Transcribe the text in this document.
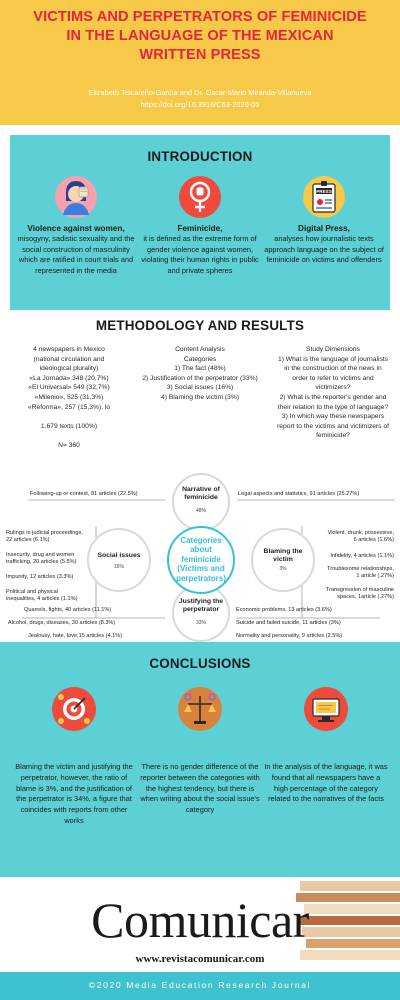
VICTIMS AND PERPETRATORS OF FEMINICIDE
IN THE LANGUAGE OF THE MEXICAN
WRITTEN PRESS
Elizabeth Tiscareño-García and Dr. Oscar-Mario Miranda-Villanueva
https://doi.org/10.3916/C63-2020-05
INTRODUCTION
Violence against women,
misogyny, sadistic sexuality and the social construction of masculinity which are ratified in court trials and represented in the media
Feminicide,
it is defined as the extreme form of gender violence against women, violating their human rights in public and private spheres
PRESS
Digital Press,
analyses how journalistic texts approach language on the subject of feminicide on victims and offenders
METHODOLOGY AND RESULTS
4 newspapers in Mexico
(national circulation and
ideological plurality)
«La Jornada» 348 (20,7%)
«El Universal» 549 (32,7%)
«Milenio», 525 (31,3%)
«Reforma», 257 (15,3%), lo
1.679 texts (100%)
N= 360
Content Analysis
Categories
1) The fact (48%)
2) Justification of the perpetrator (33%)
3) Social issues (16%)
4) Blaming the victim (3%)
Study Dimensions
1) What is the language of journalists
in the construction of the news in
order to refer to victims and
victimizers?
2) What is the reporter's gender and
their relation to the type of language?
3) In which way these newspapers
report to the victims and victimizers of
feminicide?
Categories
about
feminicide
(Victims and
perpetrators)
Narrative of
feminicide
48%
Social issues
16%
Blaming the
victim
3%
Justifying the
perpetrator
33%
Following-up or context, 81 articles (22.5%)	Legal aspects and statistics, 91 articles (25.27%)
Rulings in judicial proceedings,
22 articles (6.1%)
Insecurity, drug and women
trafficking, 20 articles (5.5%)
Impunity, 12 articles (3.3%)
Political and physical
inequalities, 4 articles (1.1%)
Violent, drunk, possessive,
6 articles (1.6%)
Infidelity, 4 articles (1.1%)
Troublesome relationships,
1 article (.27%)
Transgression of masculine
spaces, 1article (.27%)
Quarrels, fights, 40 articles (11.1%)
Alcohol, drugs, diseases, 30 articles (8.3%)
Jealousy, hate, love,15 articles (4.1%)
Economic problems, 13 articles (3.6%)
Suicide and failed suicide, 11 articles (3%)
Normality and personality, 9 articles (2.5%)
CONCLUSIONS
Blaming the victim and justifying the perpetrator, however, the ratio of blame is 3%, and the justification of the perpetrator is 34%, a figure that coincides with reports from other works
There is no gender difference of the reporter between the categories with the highest tendency, but there is when writing about the social issue's category
In the analysis of the language, it was found that all newspapers have a high percentage of the category related to the narratives of the facts
Comunicar
www.revistacomunicar.com
©2020 Media Education Research Journal
